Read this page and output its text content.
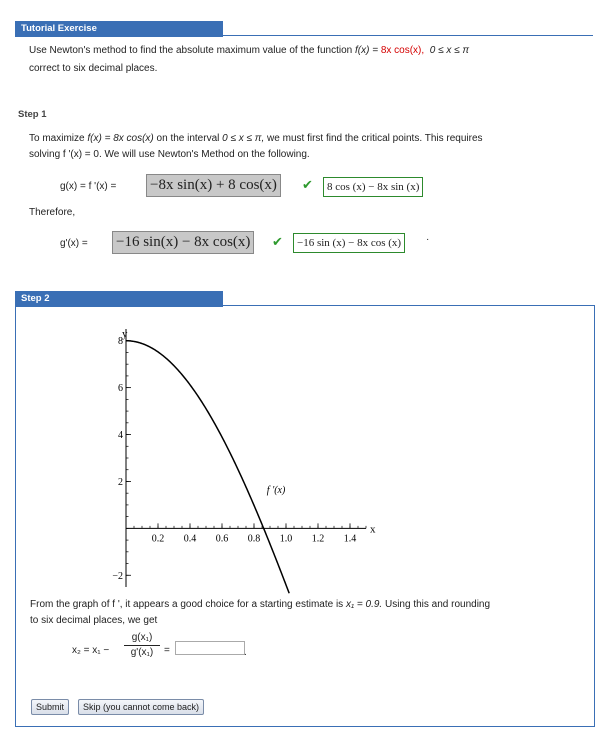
Tutorial Exercise
Use Newton's method to find the absolute maximum value of the function f(x) = 8x cos(x), 0 ≤ x ≤ π
correct to six decimal places.
Step 1
To maximize f(x) = 8x cos(x) on the interval 0 ≤ x ≤ π, we must first find the critical points. This requires
solving f '(x) = 0. We will use Newton's Method on the following.
g(x) = f '(x) = −8x sin(x) + 8 cos(x)	✔	8 cos (x) − 8x sin (x)
Therefore,
g'(x) = −16 sin(x) − 8x cos(x)	✔	−16 sin (x) − 8x cos (x)	·
Step 2
0.2 0.4 0.6 0.8 1.0 1.2 1.4
−2
2
4
6
8
y
x
f '(x)
From the graph of f ', it appears a good choice for a starting estimate is x₁ = 0.9. Using this and rounding
to six decimal places, we get
$x_2 = x_1 - \frac{\text{g(x₁)}}{\text{g'(x₁)}}$ =	.
Submit	Skip (you cannot come back)
